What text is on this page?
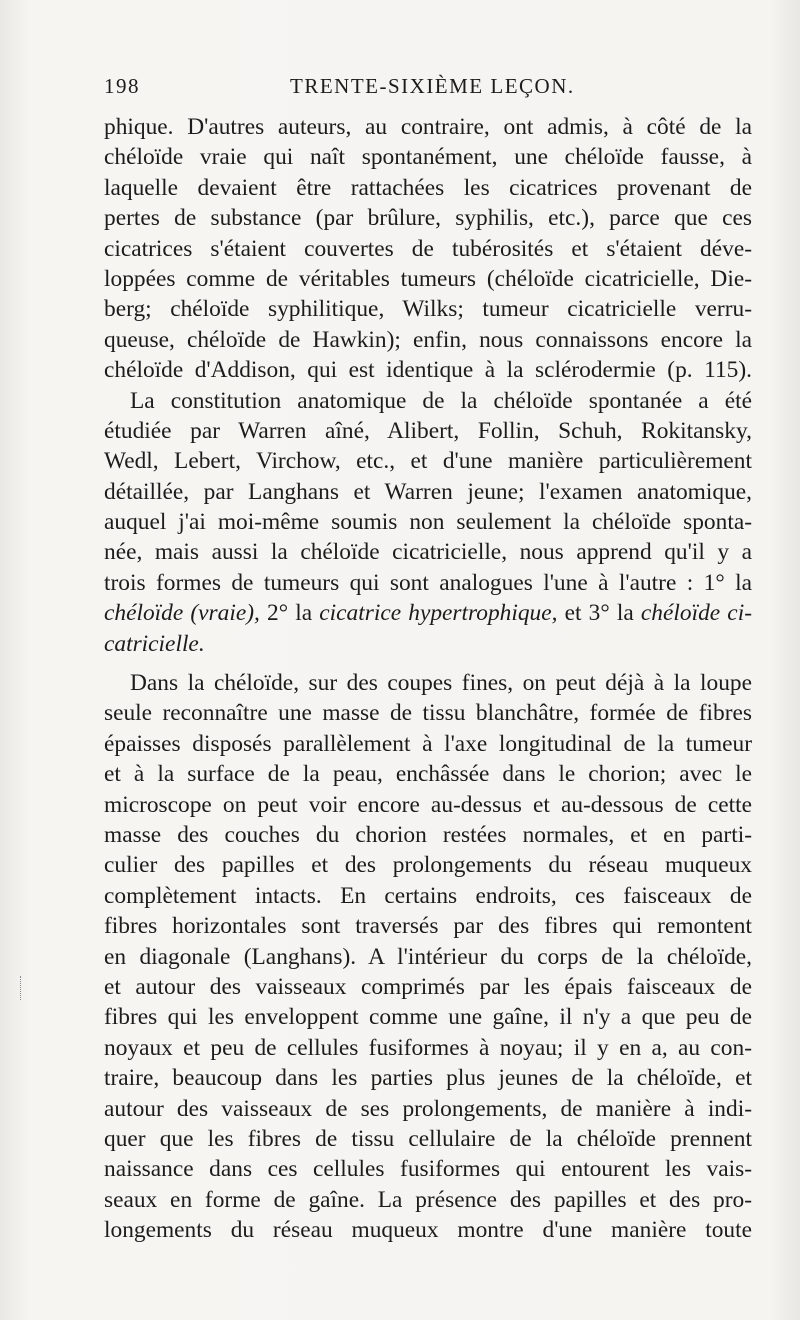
198	TRENTE-SIXIÈME LEÇON.
phique. D'autres auteurs, au contraire, ont admis, à côté de la
chéloïde vraie qui naît spontanément, une chéloïde fausse, à
laquelle devaient être rattachées les cicatrices provenant de
pertes de substance (par brûlure, syphilis, etc.), parce que ces
cicatrices s'étaient couvertes de tubérosités et s'étaient déve-
loppées comme de véritables tumeurs (chéloïde cicatricielle, Die-
berg; chéloïde syphilitique, Wilks; tumeur cicatricielle verru-
queuse, chéloïde de Hawkin); enfin, nous connaissons encore la
chéloïde d'Addison, qui est identique à la sclérodermie (p. 115).
La constitution anatomique de la chéloïde spontanée a été
étudiée par Warren aîné, Alibert, Follin, Schuh, Rokitansky,
Wedl, Lebert, Virchow, etc., et d'une manière particulièrement
détaillée, par Langhans et Warren jeune; l'examen anatomique,
auquel j'ai moi-même soumis non seulement la chéloïde sponta-
née, mais aussi la chéloïde cicatricielle, nous apprend qu'il y a
trois formes de tumeurs qui sont analogues l'une à l'autre : 1° la
chéloïde (vraie), 2° la cicatrice hypertrophique, et 3° la chéloïde ci-
catricielle.
Dans la chéloïde, sur des coupes fines, on peut déjà à la loupe
seule reconnaître une masse de tissu blanchâtre, formée de fibres
épaisses disposés parallèlement à l'axe longitudinal de la tumeur
et à la surface de la peau, enchâssée dans le chorion; avec le
microscope on peut voir encore au-dessus et au-dessous de cette
masse des couches du chorion restées normales, et en parti-
culier des papilles et des prolongements du réseau muqueux
complètement intacts. En certains endroits, ces faisceaux de
fibres horizontales sont traversés par des fibres qui remontent
en diagonale (Langhans). A l'intérieur du corps de la chéloïde,
et autour des vaisseaux comprimés par les épais faisceaux de
fibres qui les enveloppent comme une gaîne, il n'y a que peu de
noyaux et peu de cellules fusiformes à noyau; il y en a, au con-
traire, beaucoup dans les parties plus jeunes de la chéloïde, et
autour des vaisseaux de ses prolongements, de manière à indi-
quer que les fibres de tissu cellulaire de la chéloïde prennent
naissance dans ces cellules fusiformes qui entourent les vais-
seaux en forme de gaîne. La présence des papilles et des pro-
longements du réseau muqueux montre d'une manière toute
